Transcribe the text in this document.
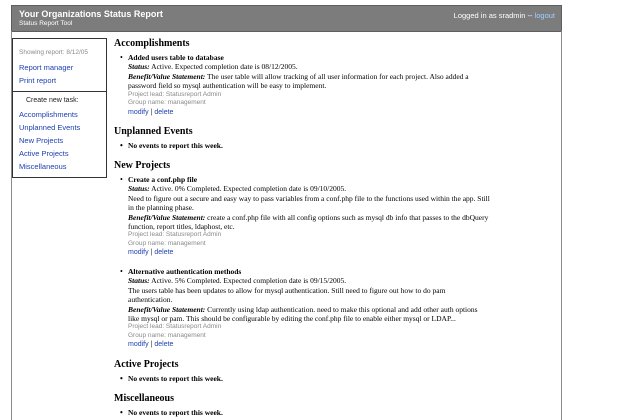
Your Organizations Status Report
Status Report Tool
Logged in as sradmin -- logout
Showing report: 8/12/05
Report manager
Print report
Create new task:
Accomplishments
Unplanned Events
New Projects
Active Projects
Miscellaneous
Accomplishments
• Added users table to database
Status: Active. Expected completion date is 08/12/2005.
Benefit/Value Statement: The user table will allow tracking of all user information for each project. Also added a
password field so mysql authentication will be easy to implement.
Project lead: Statusreport Admin
Group name: management
modify | delete
Unplanned Events
• No events to report this week.
New Projects
• Create a conf.php file
Status: Active. 0% Completed. Expected completion date is 09/10/2005.
Need to figure out a secure and easy way to pass variables from a conf.php file to the functions used within the app. Still
in the planning phase.
Benefit/Value Statement: create a conf.php file with all config options such as mysql db info that passes to the dbQuery
function, report titles, ldaphost, etc.
Project lead: Statusreport Admin
Group name: management
modify | delete
• Alternative authentication methods
Status: Active. 5% Completed. Expected completion date is 09/15/2005.
The users table has been updates to allow for mysql authentication. Still need to figure out how to do pam
authentication.
Benefit/Value Statement: Currently using ldap authentication. need to make this optional and add other auth options
like mysql or pam. This should be configurable by editing the conf.php file to enable either mysql or LDAP...
Project lead: Statusreport Admin
Group name: management
modify | delete
Active Projects
• No events to report this week.
Miscellaneous
• No events to report this week.
